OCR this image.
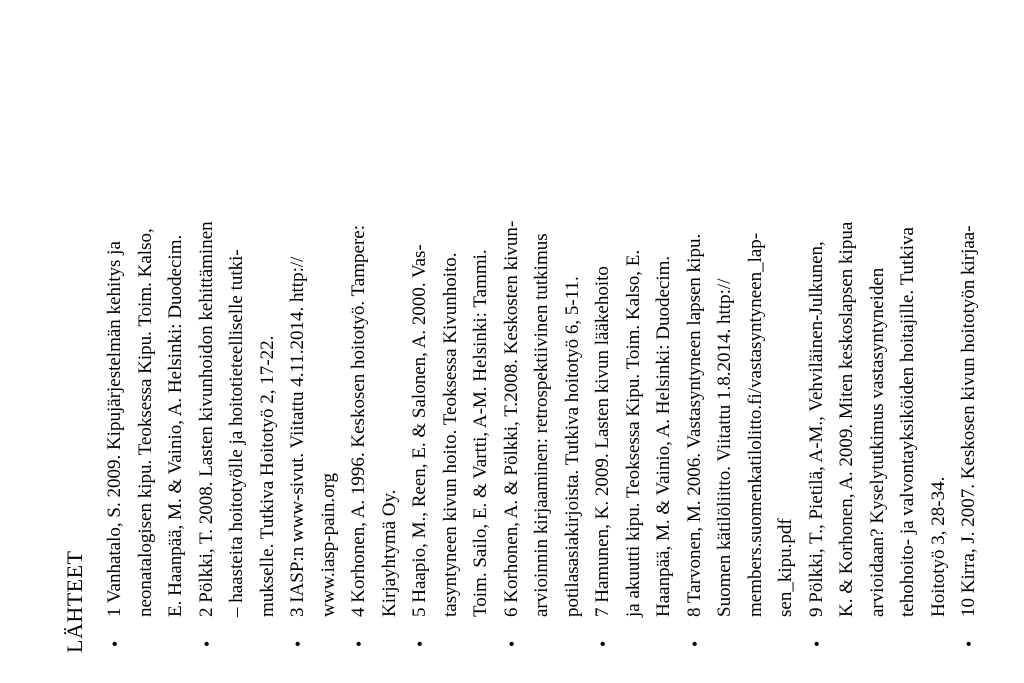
LÄHTEET •
1 Vanhatalo, S. 2009. Kipujärjestelmän kehitys ja neonatalogisen kipu. Teoksessa Kipu. Toim. Kalso, E. Haanpää, M. & Vainio, A. Helsinki: Duodecim.
•
2 Pölkki, T. 2008. Lasten kivunhoidon kehittäminen – haasteita hoitotyölle ja hoitotieteelliselle tutki- mukselle. Tutkiva Hoitotyö 2, 17-22.
•
3 IASP:n www-sivut. Viitattu 4.11.2014. http:// www.iasp-pain.org
•
4 Korhonen, A. 1996. Keskosen hoitotyö. Tampere: Kirjayhtymä Oy.
•
5 Haapio, M., Reen, E. & Salonen, A. 2000. Vas- tasyntyneen kivun hoito. Teoksessa Kivunhoito. Toim. Sailo, E. & Vartti, A-M. Helsinki: Tammi.
•
6 Korhonen, A. & Pölkki, T.2008. Keskosten kivun- arvioinnin kirjaaminen: retrospektiivinen tutkimus potilasasiakirjoista. Tutkiva hoitotyö 6, 5-11.
•
7 Hamunen, K. 2009. Lasten kivun lääkehoito ja akuutti kipu. Teoksessa Kipu. Toim. Kalso, E. Haanpää, M. & Vainio, A. Helsinki: Duodecim.
•
8 Tarvonen, M. 2006. Vastasyntyneen lapsen kipu. Suomen kätilöliitto. Viitattu 1.8.2014. http:// members.suomenkatilolitto.fi/vastasyntyneen_lap- sen_kipu.pdf
•
9 Pölkki, T., Pietilä, A-M., Vehviläinen-Julkunen, K. & Korhonen, A. 2009. Miten keskoslapsen kipua arvioidaan? Kyselytutkimus vastasyntyneiden tehohoito- ja valvontayksiköiden hoitajille. Tutkiva Hoitotyö 3, 28-34.
•
10 Kirra, J. 2007. Keskosen kivun hoitotyön kirjaa-
